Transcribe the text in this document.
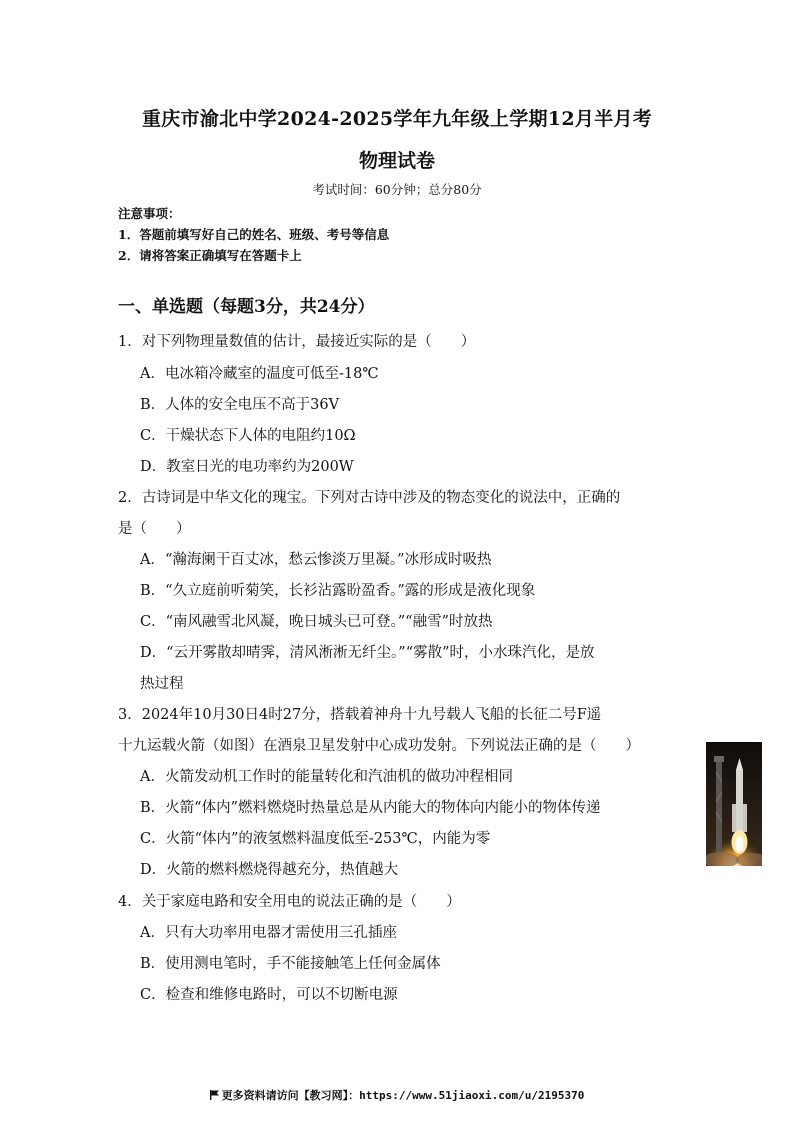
重庆市渝北中学2024-2025学年九年级上学期12月半月考
物理试卷
考试时间：60分钟；总分80分
注意事项：
1．答题前填写好自己的姓名、班级、考号等信息
2．请将答案正确填写在答题卡上
一、单选题（每题3分，共24分）
1．对下列物理量数值的估计，最接近实际的是（　　）
A．电冰箱冷藏室的温度可低至-18℃
B．人体的安全电压不高于36V
C．干燥状态下人体的电阻约10Ω
D．教室日光的电功率约为200W
2．古诗词是中华文化的瑰宝。下列对古诗中涉及的物态变化的说法中，正确的
是（　　）
A．“瀚海阑干百丈冰，愁云惨淡万里凝。”冰形成时吸热
B．“久立庭前听菊笑，长衫沾露盼盈香。”露的形成是液化现象
C．“南风融雪北风凝，晚日城头已可登。”“融雪”时放热
D．“云开雾散却晴霁，清风淅淅无纤尘。”“雾散”时，小水珠汽化，是放
热过程
3．2024年10月30日4时27分，搭载着神舟十九号载人飞船的长征二号F遥
十九运载火箭（如图）在酒泉卫星发射中心成功发射。下列说法正确的是（　　）
A．火箭发动机工作时的能量转化和汽油机的做功冲程相同
B．火箭“体内”燃料燃烧时热量总是从内能大的物体向内能小的物体传递
C．火箭“体内”的液氢燃料温度低至-253℃，内能为零
D．火箭的燃料燃烧得越充分，热值越大
4．关于家庭电路和安全用电的说法正确的是（　　）
A．只有大功率用电器才需使用三孔插座
B．使用测电笔时，手不能接触笔上任何金属体
C．检查和维修电路时，可以不切断电源
更多资料请访问【教习网】：https://www.51jiaoxi.com/u/2195370
